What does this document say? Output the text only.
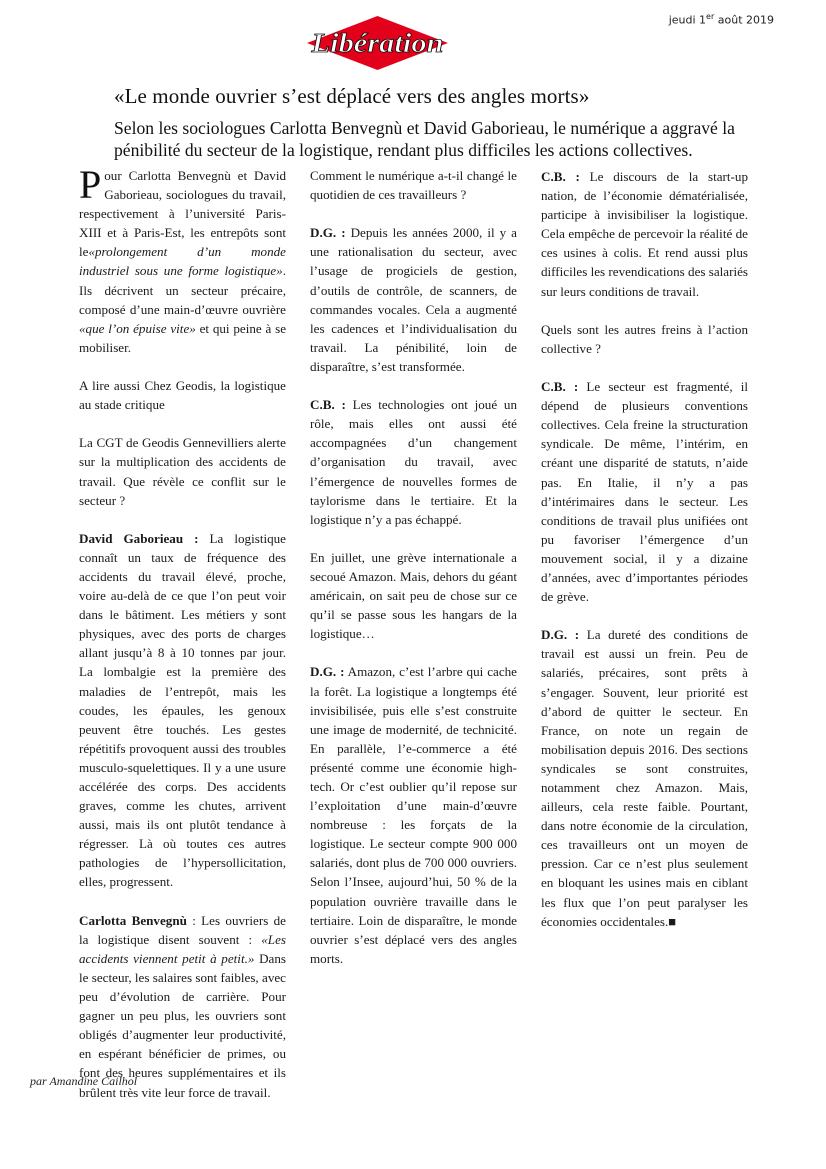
jeudi 1er août 2019
Libération
«Le monde ouvrier s’est déplacé vers des angles morts»

Selon les sociologues Carlotta Benvegnù et David Gaborieau, le numérique a aggravé la pénibilité du secteur de la logistique, rendant plus difficiles les actions collectives.

Pour Carlotta Benvegnù et David Gaborieau, sociologues du travail, respectivement à l’université Paris-XIII et à Paris-Est, les entrepôts sont le«prolongement d’un monde industriel sous une forme logistique». Ils décrivent un secteur précaire, composé d’une main-d’œuvre ouvrière «que l’on épuise vite» et qui peine à se mobiliser.

A lire aussi Chez Geodis, la logistique au stade critique

La CGT de Geodis Gennevilliers alerte sur la multiplication des accidents de travail. Que révèle ce conflit sur le secteur ?

David Gaborieau : La logistique connaît un taux de fréquence des accidents du travail élevé, proche, voire au-delà de ce que l’on peut voir dans le bâtiment. Les métiers y sont physiques, avec des ports de charges allant jusqu’à 8 à 10 tonnes par jour. La lombalgie est la première des maladies de l’entrepôt, mais les coudes, les épaules, les genoux peuvent être touchés. Les gestes répétitifs provoquent aussi des troubles musculo-squelettiques. Il y a une usure accélérée des corps. Des accidents graves, comme les chutes, arrivent aussi, mais ils ont plutôt tendance à régresser. Là où toutes ces autres pathologies de l’hypersollicitation, elles, progressent.

Carlotta Benvegnù : Les ouvriers de la logistique disent souvent : «Les accidents viennent petit à petit.» Dans le secteur, les salaires sont faibles, avec peu d’évolution de carrière. Pour gagner un peu plus, les ouvriers sont obligés d’augmenter leur productivité, en espérant bénéficier de primes, ou font des heures supplémentaires et ils brûlent très vite leur force de travail.

Comment le numérique a-t-il changé le quotidien de ces travailleurs ?

D.G. : Depuis les années 2000, il y a une rationalisation du secteur, avec l’usage de progiciels de gestion, d’outils de contrôle, de scanners, de commandes vocales. Cela a augmenté les cadences et l’individualisation du travail. La pénibilité, loin de disparaître, s’est transformée.

C.B. : Les technologies ont joué un rôle, mais elles ont aussi été accompagnées d’un changement d’organisation du travail, avec l’émergence de nouvelles formes de taylorisme dans le tertiaire. Et la logistique n’y a pas échappé.

En juillet, une grève internationale a secoué Amazon. Mais, dehors du géant américain, on sait peu de chose sur ce qu’il se passe sous les hangars de la logistique…

D.G. : Amazon, c’est l’arbre qui cache la forêt. La logistique a longtemps été invisibilisée, puis elle s’est construite une image de modernité, de technicité. En parallèle, l’e-commerce a été présenté comme une économie high-tech. Or c’est oublier qu’il repose sur l’exploitation d’une main-d’œuvre nombreuse : les forçats de la logistique. Le secteur compte 900 000 salariés, dont plus de 700 000 ouvriers. Selon l’Insee, aujourd’hui, 50 % de la population ouvrière travaille dans le tertiaire. Loin de disparaître, le monde ouvrier s’est déplacé vers des angles morts.

C.B. : Le discours de la start-up nation, de l’économie dématérialisée, participe à invisibiliser la logistique. Cela empêche de percevoir la réalité de ces usines à colis. Et rend aussi plus difficiles les revendications des salariés sur leurs conditions de travail.

Quels sont les autres freins à l’action collective ?

C.B. : Le secteur est fragmenté, il dépend de plusieurs conventions collectives. Cela freine la structuration syndicale. De même, l’intérim, en créant une disparité de statuts, n’aide pas. En Italie, il n’y a pas d’intérimaires dans le secteur. Les conditions de travail plus unifiées ont pu favoriser l’émergence d’un mouvement social, il y a dizaine d’années, avec d’importantes périodes de grève.

D.G. : La dureté des conditions de travail est aussi un frein. Peu de salariés, précaires, sont prêts à s’engager. Souvent, leur priorité est d’abord de quitter le secteur. En France, on note un regain de mobilisation depuis 2016. Des sections syndicales se sont construites, notamment chez Amazon. Mais, ailleurs, cela reste faible. Pourtant, dans notre économie de la circulation, ces travailleurs ont un moyen de pression. Car ce n’est plus seulement en bloquant les usines mais en ciblant les flux que l’on peut paralyser les économies occidentales.■

par Amandine Cailhol
